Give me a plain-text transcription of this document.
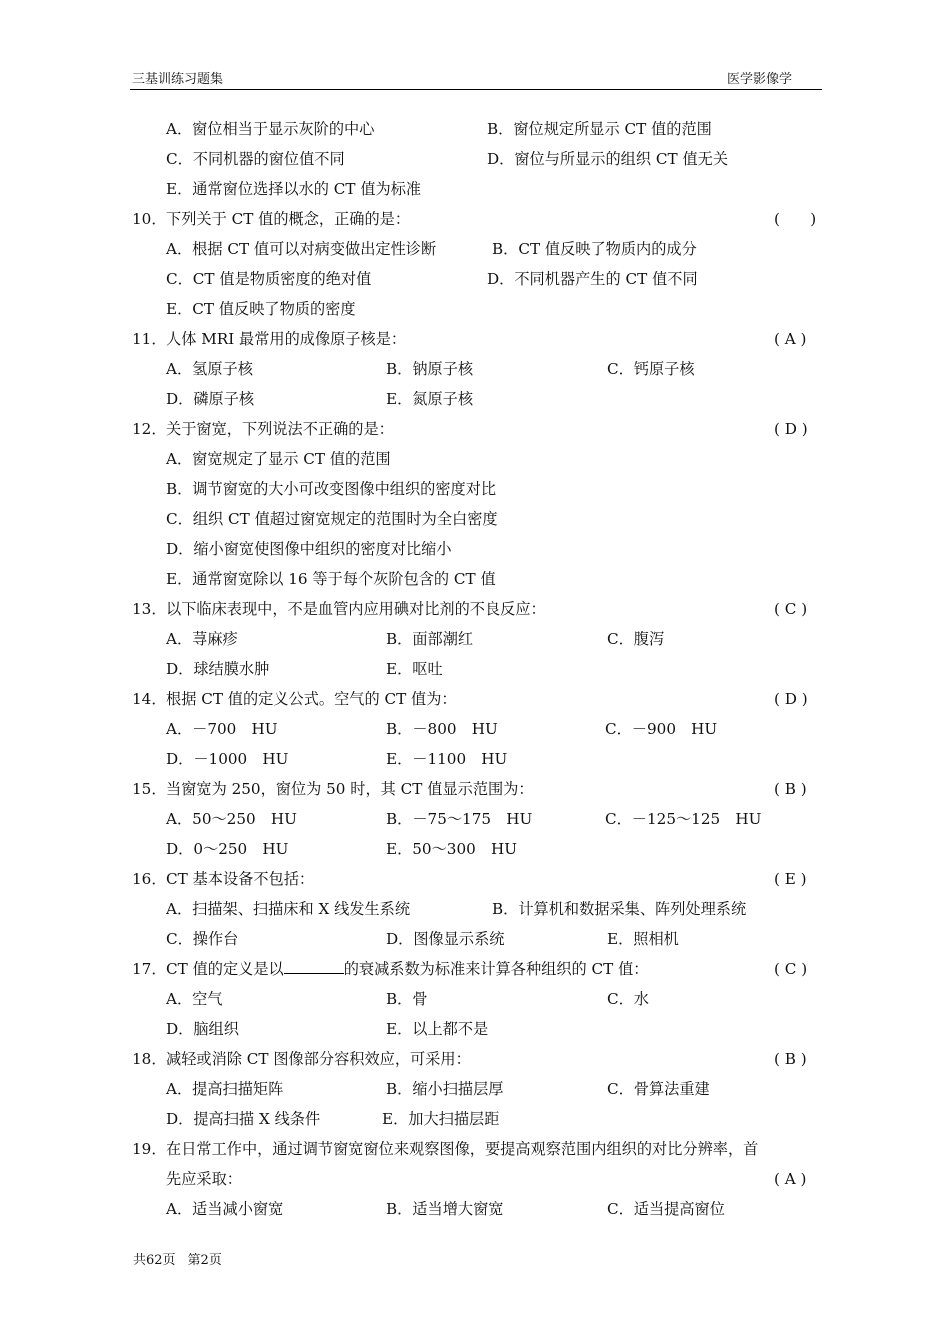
三基训练习题集	医学影像学
A．窗位相当于显示灰阶的中心	B．窗位规定所显示 CT 值的范围
C．不同机器的窗位值不同	D．窗位与所显示的组织 CT 值无关
E．通常窗位选择以水的 CT 值为标准
10． 下列关于 CT 值的概念，正确的是：	(　　)
A．根据 CT 值可以对病变做出定性诊断	B．CT 值反映了物质内的成分
C．CT 值是物质密度的绝对值	D．不同机器产生的 CT 值不同
E．CT 值反映了物质的密度
11． 人体 MRI 最常用的成像原子核是：	( A )
A．氢原子核	B．钠原子核	C．钙原子核
D．磷原子核	E．氮原子核
12． 关于窗宽，下列说法不正确的是：	( D )
A．窗宽规定了显示 CT 值的范围
B．调节窗宽的大小可改变图像中组织的密度对比
C．组织 CT 值超过窗宽规定的范围时为全白密度
D．缩小窗宽使图像中组织的密度对比缩小
E．通常窗宽除以 16 等于每个灰阶包含的 CT 值
13． 以下临床表现中，不是血管内应用碘对比剂的不良反应：	( C )
A．荨麻疹	B．面部潮红	C．腹泻
D．球结膜水肿	E．呕吐
14． 根据 CT 值的定义公式。空气的 CT 值为：	( D )
A．－700　HU	B．－800　HU	C．－900　HU
D．－1000　HU	E．－1100　HU
15． 当窗宽为 250，窗位为 50 时，其 CT 值显示范围为：	( B )
A．50～250　HU	B．－75～175　HU	C．－125～125　HU
D．0～250　HU	E．50～300　HU
16． CT 基本设备不包括：	( E )
A．扫描架、扫描床和 X 线发生系统	B．计算机和数据采集、阵列处理系统
C．操作台	D．图像显示系统	E．照相机
17． CT 值的定义是以	的衰减系数为标准来计算各种组织的 CT 值：	( C )
A．空气	B．骨	C．水
D．脑组织	E．以上都不是
18． 减轻或消除 CT 图像部分容积效应，可采用：	( B )
A．提高扫描矩阵	B．缩小扫描层厚	C．骨算法重建
D．提高扫描 X 线条件	E．加大扫描层距
19． 在日常工作中，通过调节窗宽窗位来观察图像，要提高观察范围内组织的对比分辨率，首
先应采取：	( A )
A．适当减小窗宽	B．适当增大窗宽	C．适当提高窗位
共62页 第2页
